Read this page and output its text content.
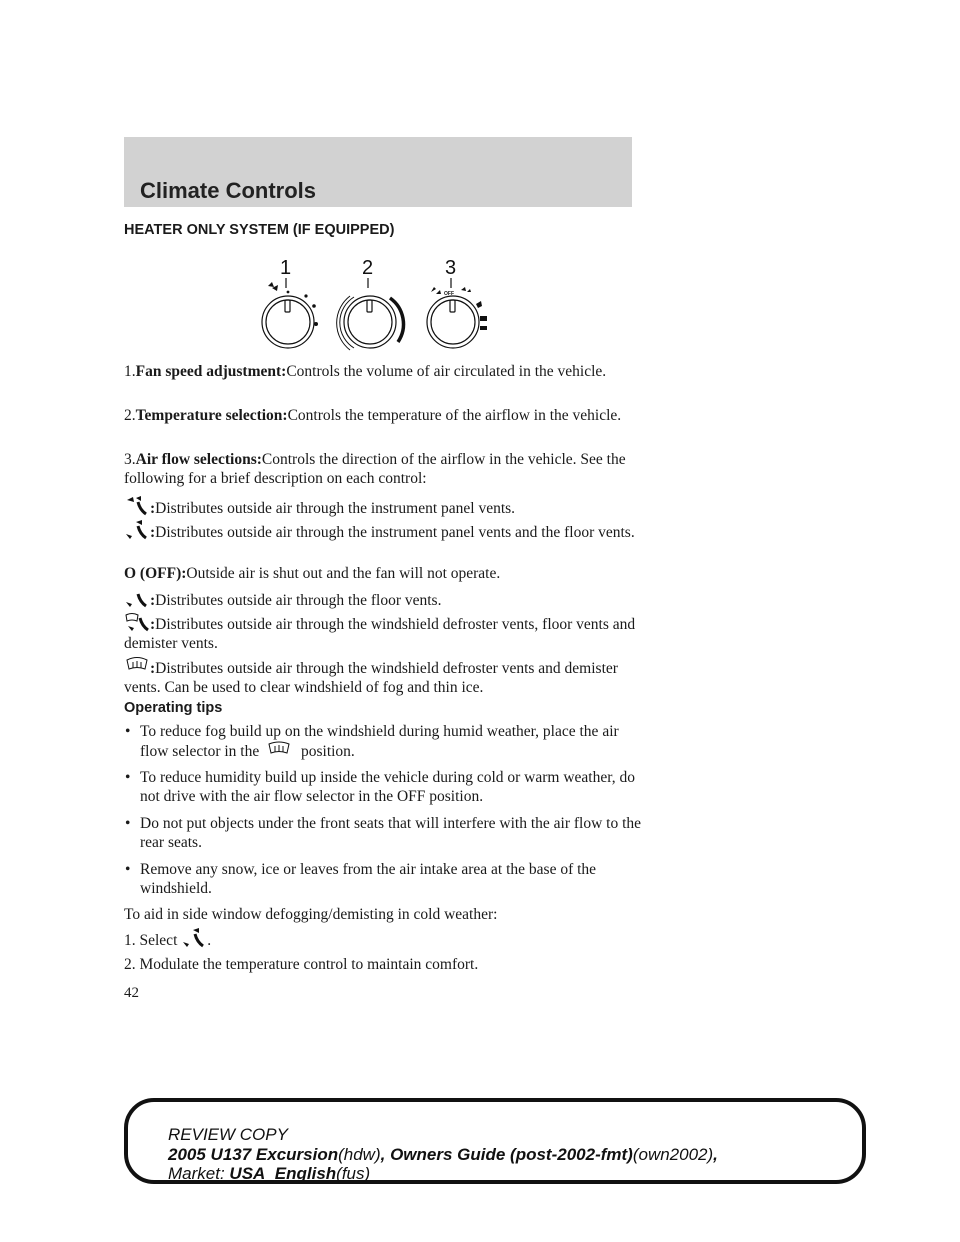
Climate Controls
HEATER ONLY SYSTEM (IF EQUIPPED)
1	2	3
OFF
1.Fan speed adjustment:Controls the volume of air circulated in the vehicle.
2.Temperature selection:Controls the temperature of the airflow in the vehicle.
3.Air flow selections:Controls the direction of the airflow in the vehicle. See the following for a brief description on each control:
:Distributes outside air through the instrument panel vents.
:Distributes outside air through the instrument panel vents and the floor vents.
O (OFF):Outside air is shut out and the fan will not operate.
:Distributes outside air through the floor vents.
:Distributes outside air through the windshield defroster vents, floor vents and demister vents.
:Distributes outside air through the windshield defroster vents and demister vents. Can be used to clear windshield of fog and thin ice.
Operating tips
• To reduce fog build up on the windshield during humid weather, place the air flow selector in the	position.
• To reduce humidity build up inside the vehicle during cold or warm weather, do not drive with the air flow selector in the OFF position.
• Do not put objects under the front seats that will interfere with the air flow to the rear seats.
• Remove any snow, ice or leaves from the air intake area at the base of the windshield.
To aid in side window defogging/demisting in cold weather:
1. Select .
2. Modulate the temperature control to maintain comfort.
42
REVIEW COPY
2005 U137 Excursion(hdw), Owners Guide (post-2002-fmt)(own2002),
Market: USA_English(fus)
